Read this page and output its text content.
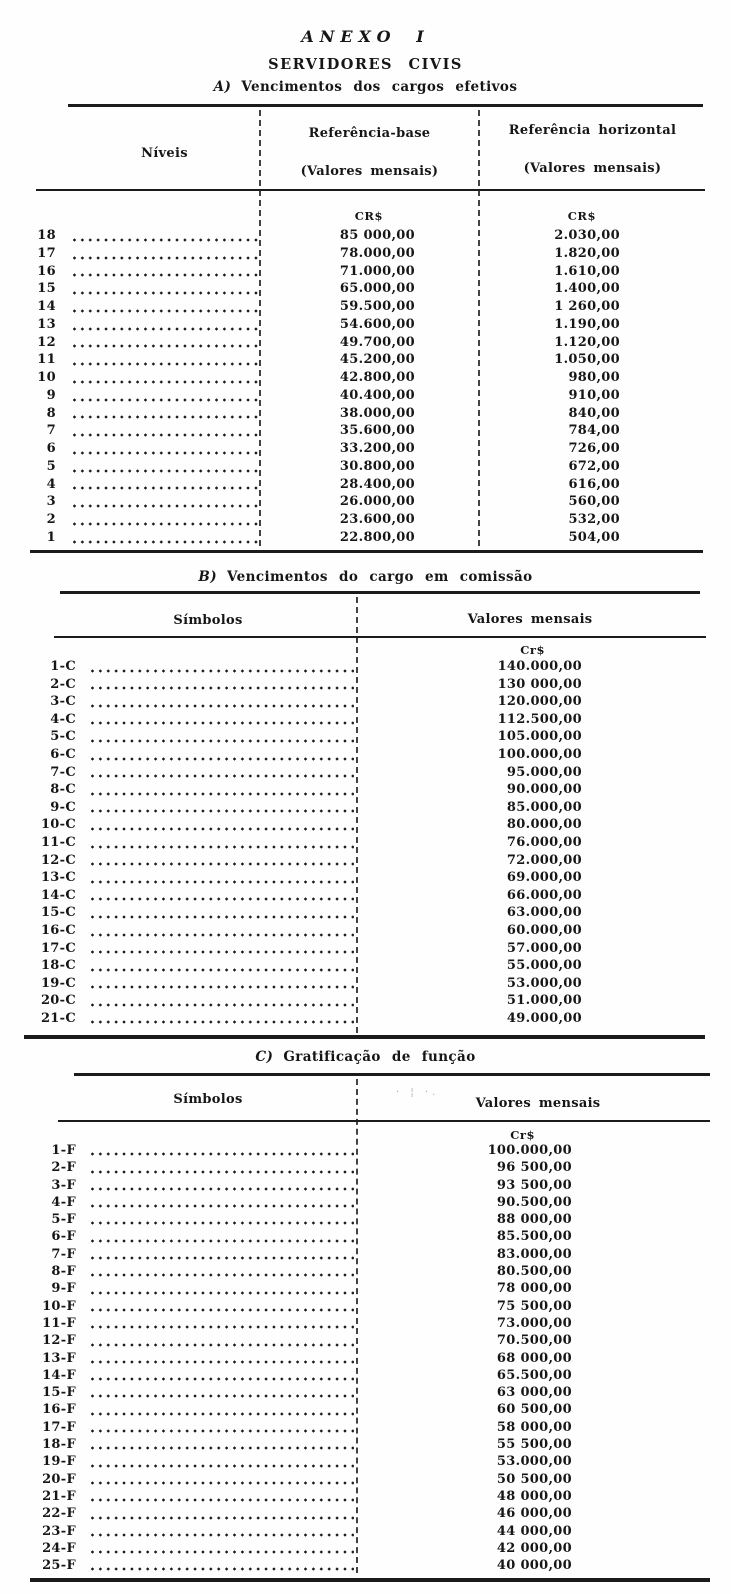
ANEXO I
SERVIDORES CIVIS
A) Vencimentos dos cargos efetivos
Níveis
Referência-base
(Valores mensais)
Referência horizontal
(Valores mensais)
CR$	CR$
18	85 000,00	2.030,00
17	78.000,00	1.820,00
16	71.000,00	1.610,00
15	65.000,00	1.400,00
14	59.500,00	1 260,00
13	54.600,00	1.190,00
12	49.700,00	1.120,00
11	45.200,00	1.050,00
10	42.800,00	980,00
9	40.400,00	910,00
8	38.000,00	840,00
7	35.600,00	784,00
6	33.200,00	726,00
5	30.800,00	672,00
4	28.400,00	616,00
3	26.000,00	560,00
2	23.600,00	532,00
1	22.800,00	504,00
B) Vencimentos do cargo em comissão
Símbolos	Valores mensais
Cr$
1-C	140.000,00
2-C	130 000,00
3-C	120.000,00
4-C	112.500,00
5-C	105.000,00
6-C	100.000,00
7-C	95.000,00
8-C	90.000,00
9-C	85.000,00
10-C	80.000,00
11-C	76.000,00
12-C	72.000,00
13-C	69.000,00
14-C	66.000,00
15-C	63.000,00
16-C	60.000,00
17-C	57.000,00
18-C	55.000,00
19-C	53.000,00
20-C	51.000,00
21-C	49.000,00
C) Gratificação de função
· ¦ ·.
Símbolos	Valores mensais
Cr$
1-F	100.000,00
2-F	96 500,00
3-F	93 500,00
4-F	90.500,00
5-F	88 000,00
6-F	85.500,00
7-F	83.000,00
8-F	80.500,00
9-F	78 000,00
10-F	75 500,00
11-F	73.000,00
12-F	70.500,00
13-F	68 000,00
14-F	65.500,00
15-F	63 000,00
16-F	60 500,00
17-F	58 000,00
18-F	55 500,00
19-F	53.000,00
20-F	50 500,00
21-F	48 000,00
22-F	46 000,00
23-F	44 000,00
24-F	42 000,00
25-F	40 000,00
